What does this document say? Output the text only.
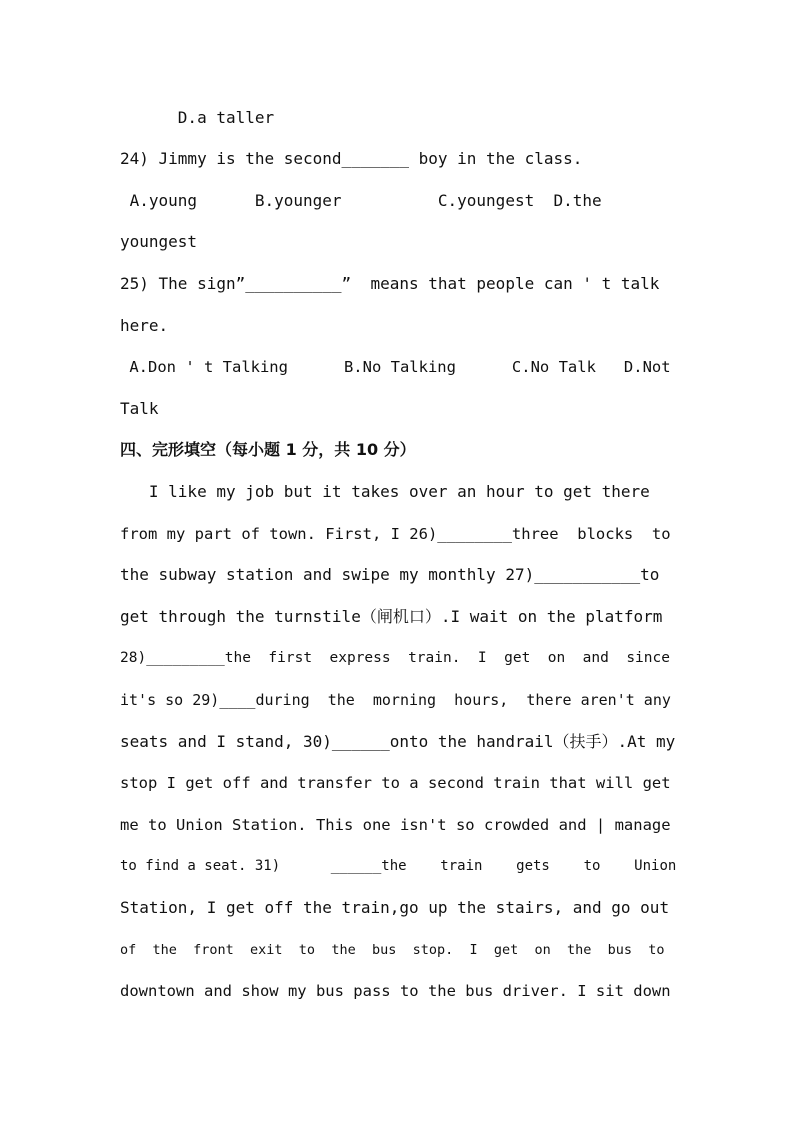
D.a taller
24) Jimmy is the second_______ boy in the class.
A.young      B.younger          C.youngest  D.the
youngest
25) The sign”__________”  means that people can ' t talk
here.
A.Don ' t Talking      B.No Talking      C.No Talk   D.Not
Talk
四、完形填空（每小题 1 分，共 10 分）
I like my job but it takes over an hour to get there
from my part of town. First, I 26)________three  blocks  to
the subway station and swipe my monthly 27)___________to
get through the turnstile（闸机口）.I wait on the platform
28)_________the  first  express  train.  I  get  on  and  since
it's so 29)____during  the  morning  hours,  there aren't any
seats and I stand, 30)______onto the handrail（扶手）.At my
stop I get off and transfer to a second train that will get
me to Union Station. This one isn't so crowded and | manage
to find a seat. 31)      ______the    train    gets    to    Union
Station, I get off the train,go up the stairs, and go out
of  the  front  exit  to  the  bus  stop.  I  get  on  the  bus  to
downtown and show my bus pass to the bus driver. I sit down
